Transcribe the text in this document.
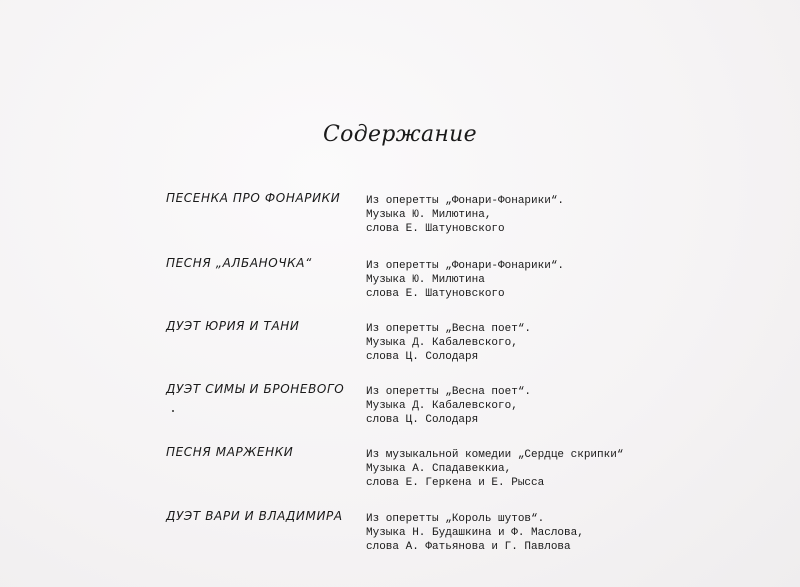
Содержание
ПЕСЕНКА ПРО ФОНАРИКИ Из оперетты „Фонари-Фонарики“.
Музыка Ю. Милютина,
слова Е. Шатуновского
ПЕСНЯ „АЛБАНОЧКА“	Из оперетты „Фонари-Фонарики“.
Музыка Ю. Милютина
слова Е. Шатуновского
ДУЭТ ЮРИЯ И ТАНИ	Из оперетты „Весна поет“.
Музыка Д. Кабалевского,
слова Ц. Солодаря
ДУЭТ СИМЫ И БРОНЕВОГО Из оперетты „Весна поет“.
Музыка Д. Кабалевского,
слова Ц. Солодаря
ПЕСНЯ МАРЖЕНКИ	Из музыкальной комедии „Сердце скрипки“
Музыка А. Спадавеккиа,
слова Е. Геркена и Е. Рысса
ДУЭТ ВАРИ И ВЛАДИМИРА Из оперетты „Король шутов“.
Музыка Н. Будашкина и Ф. Маслова,
слова А. Фатьянова и Г. Павлова
